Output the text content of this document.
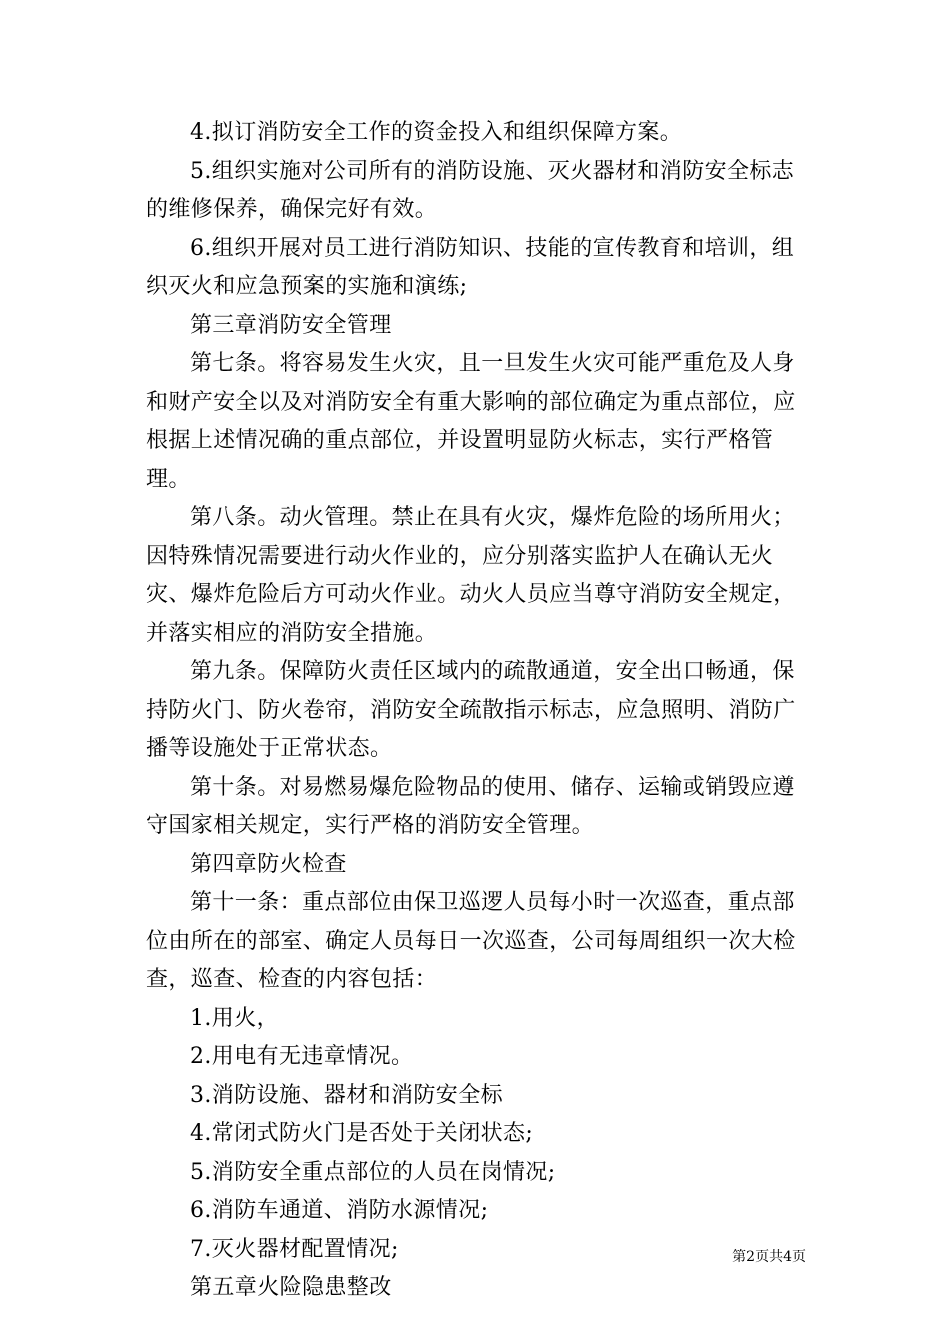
4.拟订消防安全工作的资金投入和组织保障方案。

5.组织实施对公司所有的消防设施、灭火器材和消防安全标志的维修保养，确保完好有效。

6.组织开展对员工进行消防知识、技能的宣传教育和培训，组织灭火和应急预案的实施和演练;

第三章消防安全管理

第七条。将容易发生火灾，且一旦发生火灾可能严重危及人身和财产安全以及对消防安全有重大影响的部位确定为重点部位，应根据上述情况确的重点部位，并设置明显防火标志，实行严格管理。

第八条。动火管理。禁止在具有火灾，爆炸危险的场所用火；因特殊情况需要进行动火作业的，应分别落实监护人在确认无火灾、爆炸危险后方可动火作业。动火人员应当尊守消防安全规定，并落实相应的消防安全措施。

第九条。保障防火责任区域内的疏散通道，安全出口畅通，保持防火门、防火卷帘，消防安全疏散指示标志，应急照明、消防广播等设施处于正常状态。

第十条。对易燃易爆危险物品的使用、储存、运输或销毁应遵守国家相关规定，实行严格的消防安全管理。

第四章防火检查

第十一条：重点部位由保卫巡逻人员每小时一次巡查，重点部位由所在的部室、确定人员每日一次巡查，公司每周组织一次大检查，巡查、检查的内容包括：

1.用火，

2.用电有无违章情况。

3.消防设施、器材和消防安全标

4.常闭式防火门是否处于关闭状态;

5.消防安全重点部位的人员在岗情况;

6.消防车通道、消防水源情况;

7.灭火器材配置情况;

第五章火险隐患整改

第2页共4页
